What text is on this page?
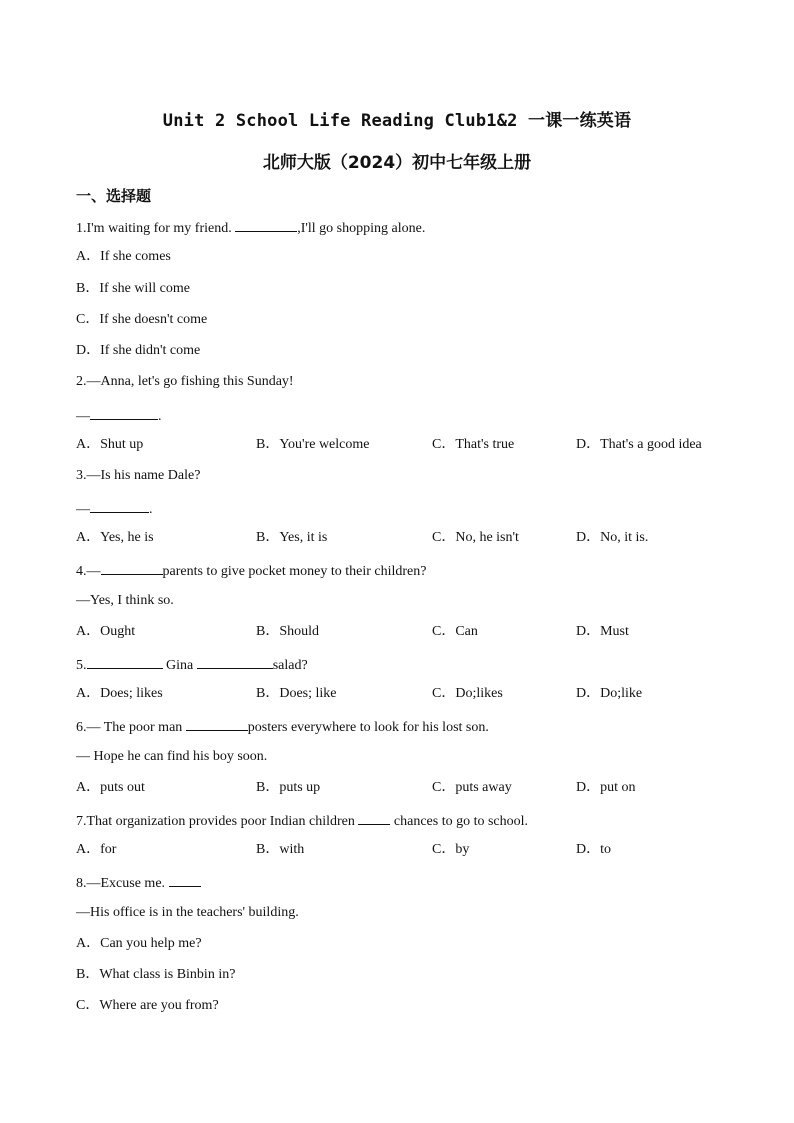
Unit 2 School Life Reading Club1&2 一课一练英语
北师大版（2024）初中七年级上册
一、选择题
1.I'm waiting for my friend.	,I'll go shopping alone.
A．If she comes
B．If she will come
C．If she doesn't come
D．If she didn't come
2.—Anna, let's go fishing this Sunday!
—	.
A．Shut up	B．You're welcome	C．That's true	D．That's a good idea
3.—Is his name Dale?
—	.
A．Yes, he is	B．Yes, it is	C．No, he isn't	D．No, it is.
4.—	parents to give pocket money to their children?
—Yes, I think so.
A．Ought	B．Should	C．Can	D．Must
5.	Gina	salad?
A．Does; likes	B．Does; like	C．Do;likes	D．Do;like
6.— The poor man	posters everywhere to look for his lost son.
— Hope he can find his boy soon.
A．puts out	B．puts up	C．puts away	D．put on
7.That organization provides poor Indian children  chances to go to school.
A．for	B．with	C．by	D．to
8.—Excuse me.
—His office is in the teachers' building.
A．Can you help me?
B．What class is Binbin in?
C．Where are you from?
